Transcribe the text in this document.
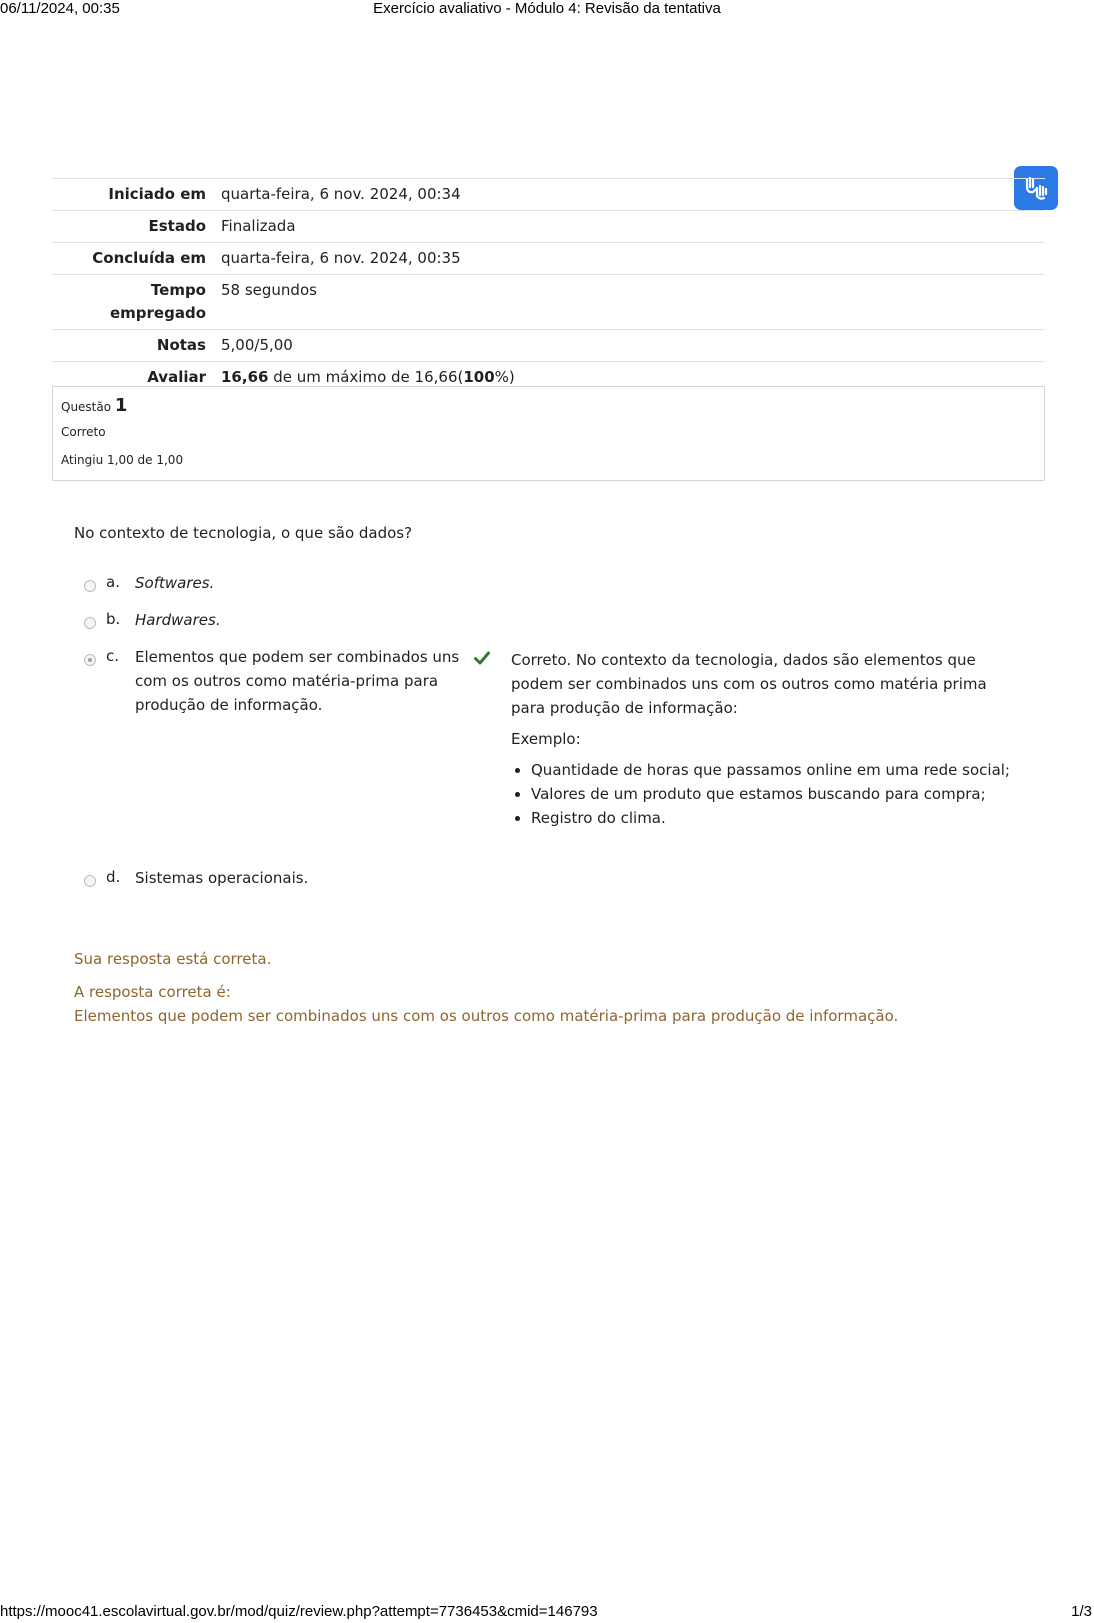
06/11/2024, 00:35	Exercício avaliativo - Módulo 4: Revisão da tentativa
Iniciado em	quarta-feira, 6 nov. 2024, 00:34
Estado	Finalizada
Concluída em	quarta-feira, 6 nov. 2024, 00:35
Tempo empregado	58 segundos
Notas	5,00/5,00
Avaliar	16,66 de um máximo de 16,66(100%)
Questão 1
Correto
Atingiu 1,00 de 1,00
No contexto de tecnologia, o que são dados?
a. Softwares.
b. Hardwares.
c. Elementos que podem ser combinados uns com os outros como matéria-prima para produção de informação.

Correto. No contexto da tecnologia, dados são elementos que podem ser combinados uns com os outros como matéria prima para produção de informação:

Exemplo:

• Quantidade de horas que passamos online em uma rede social;
• Valores de um produto que estamos buscando para compra;
• Registro do clima.
d. Sistemas operacionais.
Sua resposta está correta.
A resposta correta é:
Elementos que podem ser combinados uns com os outros como matéria-prima para produção de informação.
https://mooc41.escolavirtual.gov.br/mod/quiz/review.php?attempt=7736453&cmid=146793	1/3
